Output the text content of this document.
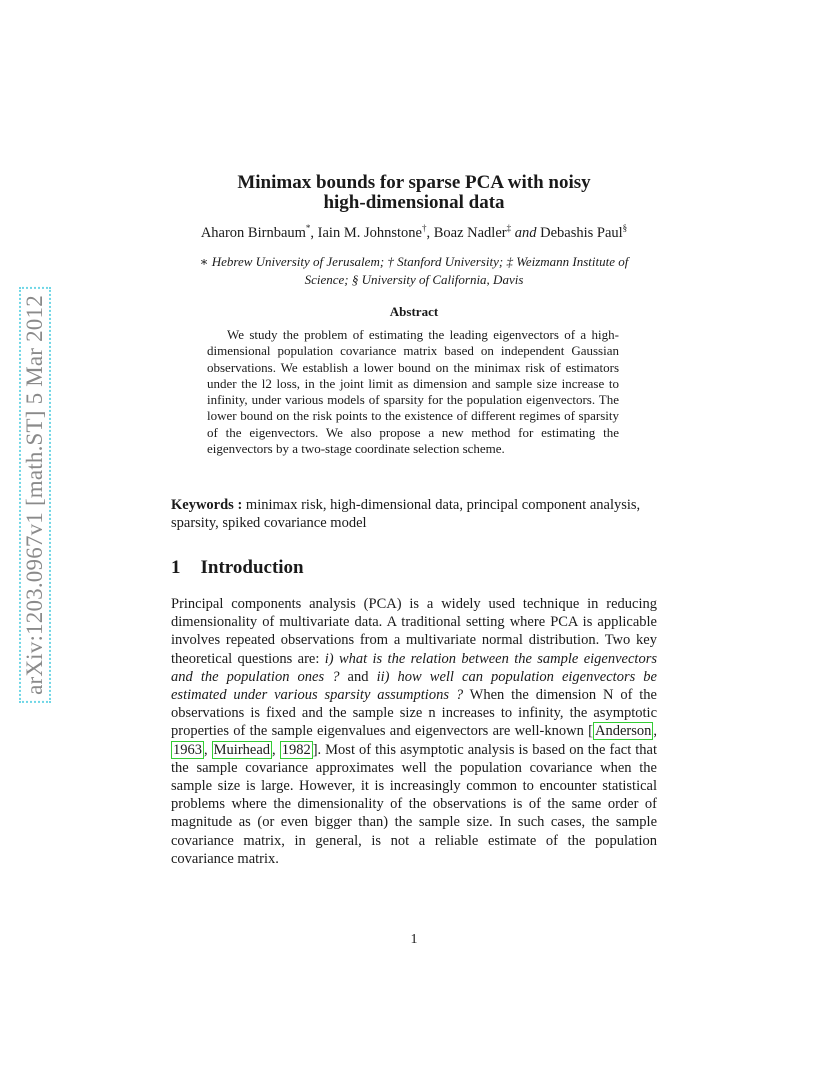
arXiv:1203.0967v1 [math.ST] 5 Mar 2012
Minimax bounds for sparse PCA with noisy
high-dimensional data
Aharon Birnbaum*, Iain M. Johnstone†, Boaz Nadler‡ and Debashis Paul§
∗ Hebrew University of Jerusalem; † Stanford University; ‡ Weizmann Institute of
Science; § University of California, Davis
Abstract
We study the problem of estimating the leading eigenvectors of a high-dimensional population covariance matrix based on independent Gaussian observations. We establish a lower bound on the minimax risk of estimators under the l2 loss, in the joint limit as dimension and sample size increase to infinity, under various models of sparsity for the population eigenvectors. The lower bound on the risk points to the existence of different regimes of sparsity of the eigenvectors. We also propose a new method for estimating the eigenvectors by a two-stage coordinate selection scheme.
Keywords : minimax risk, high-dimensional data, principal component analysis, sparsity, spiked covariance model
1 Introduction
Principal components analysis (PCA) is a widely used technique in reducing dimensionality of multivariate data. A traditional setting where PCA is applicable involves repeated observations from a multivariate normal distribution. Two key theoretical questions are: i) what is the relation between the sample eigenvectors and the population ones ? and ii) how well can population eigenvectors be estimated under various sparsity assumptions ? When the dimension N of the observations is fixed and the sample size n increases to infinity, the asymptotic properties of the sample eigenvalues and eigenvectors are well-known [ Anderson , 1963 , Muirhead , 1982 ]. Most of this asymptotic analysis is based on the fact that the sample covariance approximates well the population covariance when the sample size is large. However, it is increasingly common to encounter statistical problems where the dimensionality of the observations is of the same order of magnitude as (or even bigger than) the sample size. In such cases, the sample covariance matrix, in general, is not a reliable estimate of the population covariance matrix.
1
